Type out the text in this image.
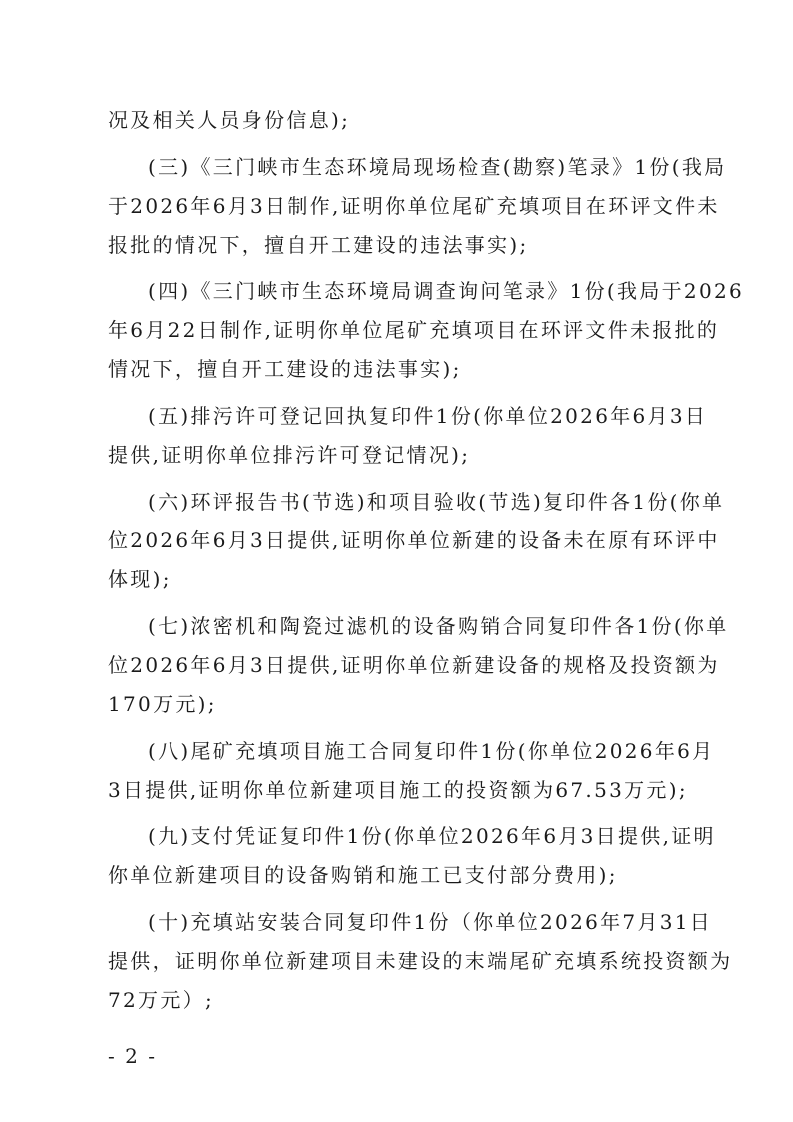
况及相关人员身份信息);
(三)《三门峡市生态环境局现场检查(勘察)笔录》1份(我局
于2026年6月3日制作,证明你单位尾矿充填项目在环评文件未
报批的情况下，擅自开工建设的违法事实);
(四)《三门峡市生态环境局调查询问笔录》1份(我局于2026
年6月22日制作,证明你单位尾矿充填项目在环评文件未报批的
情况下，擅自开工建设的违法事实);
(五)排污许可登记回执复印件1份(你单位2026年6月3日
提供,证明你单位排污许可登记情况);
(六)环评报告书(节选)和项目验收(节选)复印件各1份(你单
位2026年6月3日提供,证明你单位新建的设备未在原有环评中
体现);
(七)浓密机和陶瓷过滤机的设备购销合同复印件各1份(你单
位2026年6月3日提供,证明你单位新建设备的规格及投资额为
170万元);
(八)尾矿充填项目施工合同复印件1份(你单位2026年6月
3日提供,证明你单位新建项目施工的投资额为67.53万元);
(九)支付凭证复印件1份(你单位2026年6月3日提供,证明
你单位新建项目的设备购销和施工已支付部分费用);
(十)充填站安装合同复印件1份（你单位2026年7月31日
提供，证明你单位新建项目未建设的末端尾矿充填系统投资额为
72万元）;
- 2 -
